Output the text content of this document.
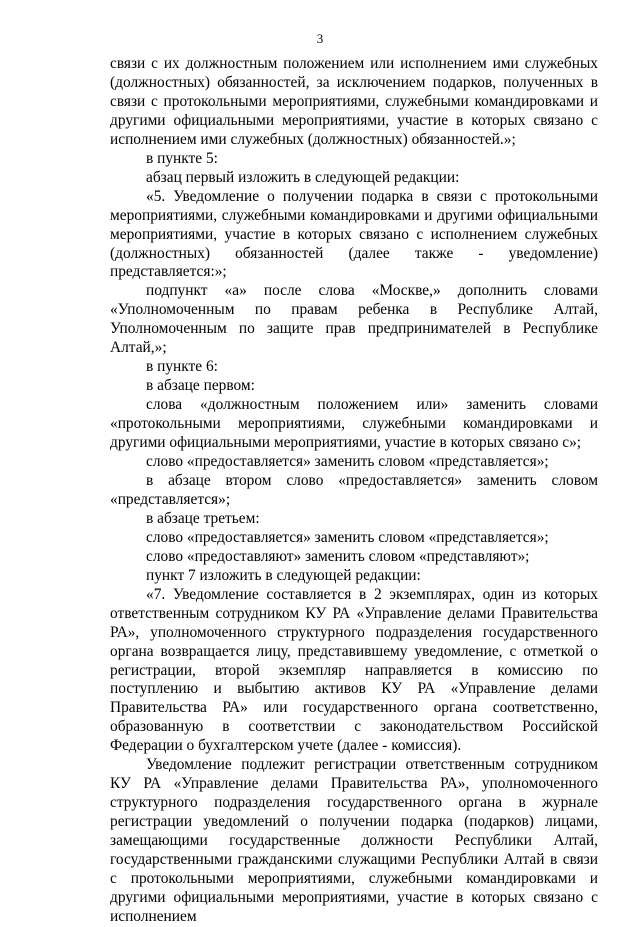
3

связи с их должностным положением или исполнением ими служебных (должностных) обязанностей, за исключением подарков, полученных в связи с протокольными мероприятиями, служебными командировками и другими официальными мероприятиями, участие в которых связано с исполнением ими служебных (должностных) обязанностей.»;

в пункте 5:

абзац первый изложить в следующей редакции:

«5. Уведомление о получении подарка в связи с протокольными мероприятиями, служебными командировками и другими официальными мероприятиями, участие в которых связано с исполнением служебных (должностных) обязанностей (далее также - уведомление) представляется:»;

подпункт «а» после слова «Москве,» дополнить словами «Уполномоченным по правам ребенка в Республике Алтай, Уполномоченным по защите прав предпринимателей в Республике Алтай,»;

в пункте 6:

в абзаце первом:

слова «должностным положением или» заменить словами «протокольными мероприятиями, служебными командировками и другими официальными мероприятиями, участие в которых связано с»;

слово «предоставляется» заменить словом «представляется»;

в абзаце втором слово «предоставляется» заменить словом «представляется»;

в абзаце третьем:

слово «предоставляется» заменить словом «представляется»;

слово «предоставляют» заменить словом «представляют»;

пункт 7 изложить в следующей редакции:

«7. Уведомление составляется в 2 экземплярах, один из которых ответственным сотрудником КУ РА «Управление делами Правительства РА», уполномоченного структурного подразделения государственного органа возвращается лицу, представившему уведомление, с отметкой о регистрации, второй экземпляр направляется в комиссию по поступлению и выбытию активов КУ РА «Управление делами Правительства РА» или государственного органа соответственно, образованную в соответствии с законодательством Российской Федерации о бухгалтерском учете (далее - комиссия).

Уведомление подлежит регистрации ответственным сотрудником КУ РА «Управление делами Правительства РА», уполномоченного структурного подразделения государственного органа в журнале регистрации уведомлений о получении подарка (подарков) лицами, замещающими государственные должности Республики Алтай, государственными гражданскими служащими Республики Алтай в связи с протокольными мероприятиями, служебными командировками и другими официальными мероприятиями, участие в которых связано с исполнением
